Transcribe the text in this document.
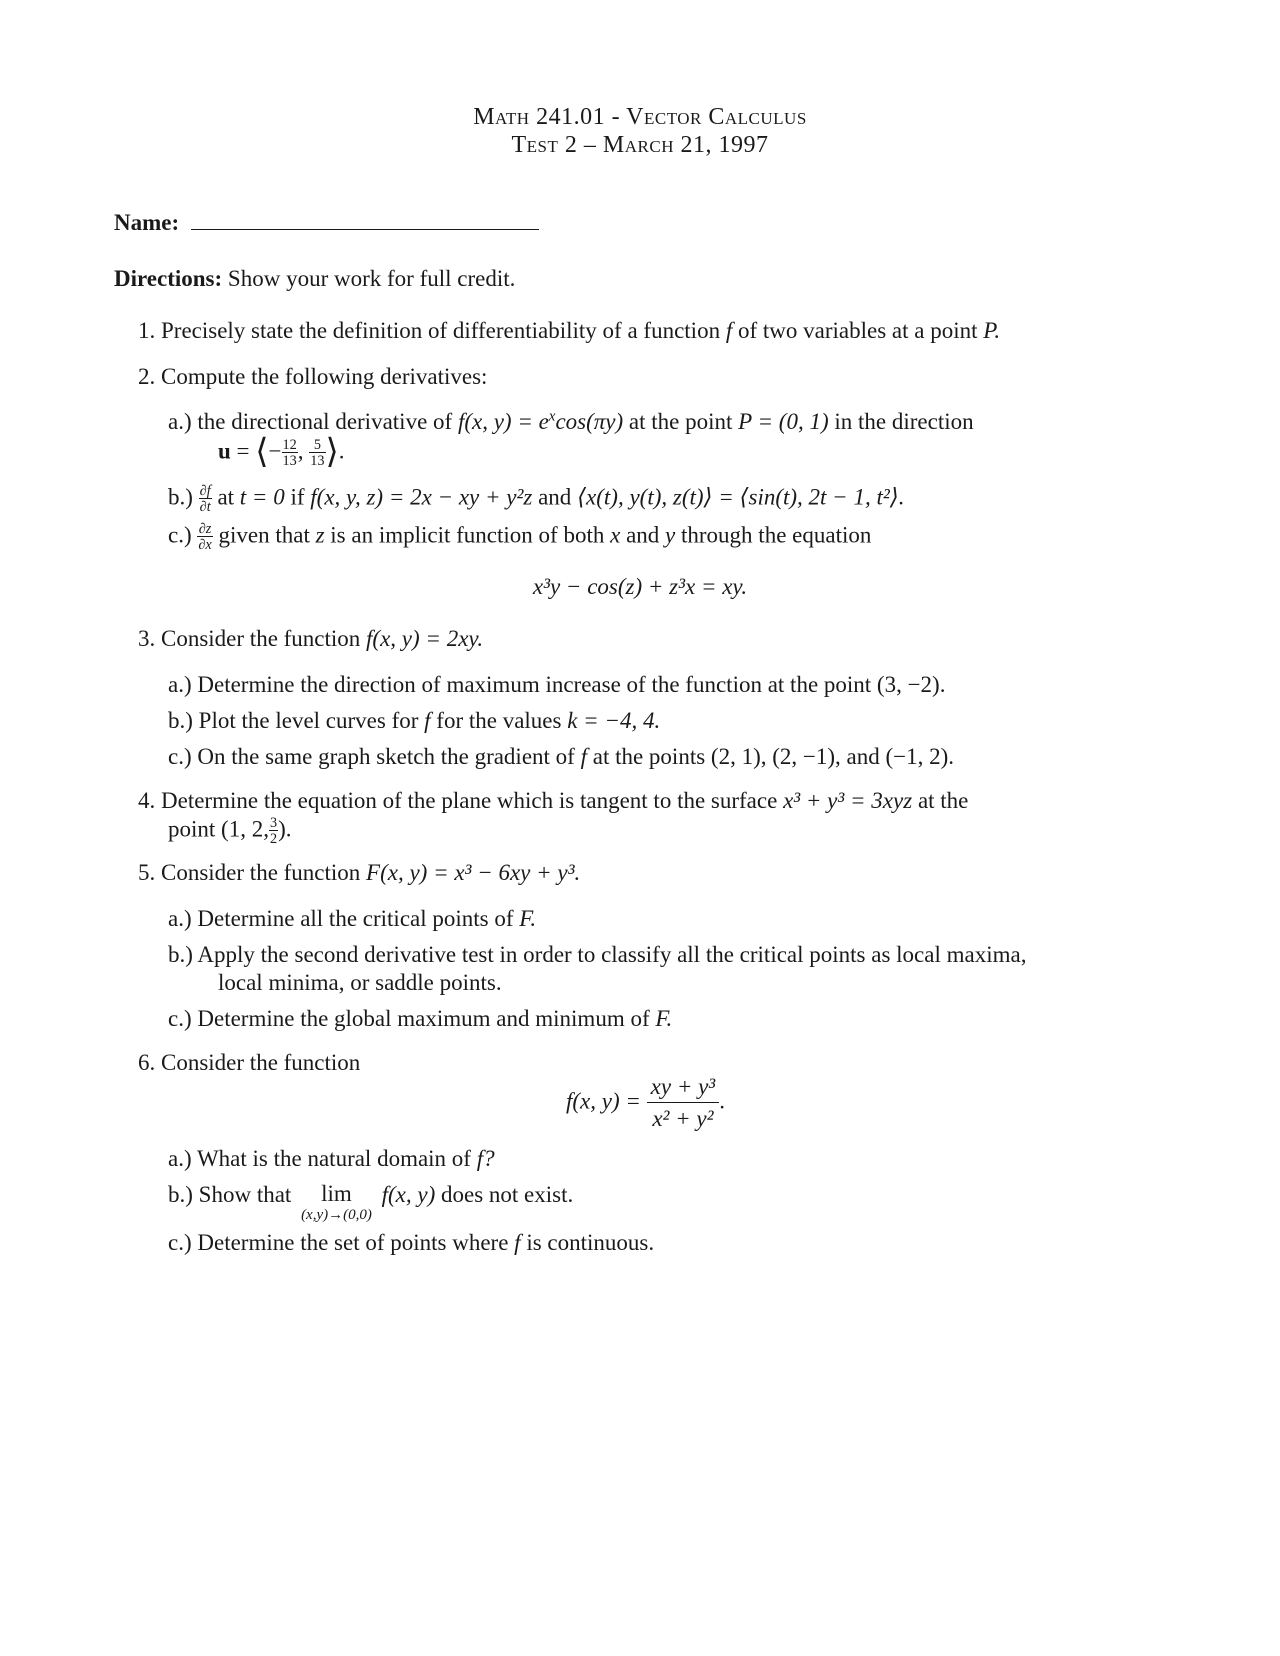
Math 241.01 - Vector Calculus
Test 2 – March 21, 1997
Name:
Directions: Show your work for full credit.
1. Precisely state the definition of differentiability of a function f of two variables at a point P.
2. Compute the following derivatives:
a.) the directional derivative of f(x, $y) = e^x\cos(\pi y)$ at the point P = (0, 1) in the direction
u = ⟨− $\frac{12}{13}$ , $\frac{5}{13}$ ⟩.
$b.) \frac{\partial f}{\partial t}$ at t = 0 if f(x, y, z) = 2x − xy + y²z and ⟨x(t), y(t), z(t)⟩ = ⟨sin(t), 2t − 1, t²⟩.
$c.) \frac{\partial z}{\partial x}$ given that z is an implicit function of both x and y through the equation
x³y − cos(z) + z³x = xy.
3. Consider the function f(x, y) = 2xy.
a.) Determine the direction of maximum increase of the function at the point (3, −2).
b.) Plot the level curves for f for the values k = −4, 4.
c.) On the same graph sketch the gradient of f at the points (2, 1), (2, −1), and (−1, 2).
4. Determine the equation of the plane which is tangent to the surface x³ + y³ = 3xyz at the
point (1, 2, $\frac{3}{2}$ ).
5. Consider the function F(x, y) = x³ − 6xy + y³.
a.) Determine all the critical points of F.
b.) Apply the second derivative test in order to classify all the critical points as local maxima,
local minima, or saddle points.
c.) Determine the global maximum and minimum of F.
6. Consider the function
f(x, $y) = \frac{\text{xy + y³}}{\text{x² + y²}}$ .
a.) What is the natural domain of f?
b.) Show that	lim
(x,y)→(0,0)
f(x, y) does not exist.
c.) Determine the set of points where f is continuous.
